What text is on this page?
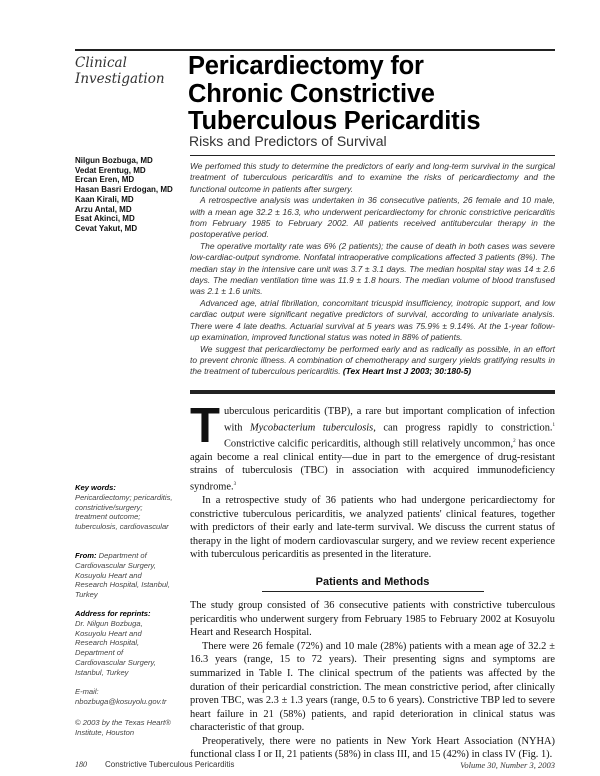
Clinical
Investigation Pericardiectomy for
Chronic Constrictive
Tuberculous Pericarditis
Risks and Predictors of Survival
Nilgun Bozbuga, MD
Vedat Erentug, MD
Ercan Eren, MD
Hasan Basri Erdogan, MD
Kaan Kirali, MD
Arzu Antal, MD
Esat Akinci, MD
Cevat Yakut, MD

We perfomed this study to determine the predictors of early and long-term survival in the surgical treatment of tuberculous pericarditis and to examine the risks of pericardiectomy and the functional outcome in patients after surgery.

A retrospective analysis was undertaken in 36 consecutive patients, 26 female and 10 male, with a mean age 32.2 ± 16.3, who underwent pericardiectomy for chronic constrictive pericarditis from February 1985 to February 2002. All patients received antitubercular therapy in the postoperative period.

The operative mortality rate was 6% (2 patients); the cause of death in both cases was severe low-cardiac-output syndrome. Nonfatal intraoperative complications affected 3 patients (8%). The median stay in the intensive care unit was 3.7 ± 3.1 days. The median hospital stay was 14 ± 2.6 days. The median ventilation time was 11.9 ± 1.8 hours. The median volume of blood transfused was 2.1 ± 1.6 units.

Advanced age, atrial fibrillation, concomitant tricuspid insufficiency, inotropic support, and low cardiac output were significant negative predictors of survival, according to univariate analysis. There were 4 late deaths. Actuarial survival at 5 years was 75.9% ± 9.14%. At the 1-year follow-up examination, improved functional status was noted in 88% of patients.

We suggest that pericardiectomy be performed early and as radically as possible, in an effort to prevent chronic illness. A combination of chemotherapy and surgery yields gratifying results in the treatment of tuberculous pericarditis. (Tex Heart Inst J 2003; 30:180-5)

Tuberculous pericarditis (TBP), a rare but important complication of infection with Mycobacterium tuberculosis, can progress rapidly to constriction.$^1$ Constrictive calcific pericarditis, although still relatively uncommon,$^2$ has once again become a real clinical entity—due in part to the emergence of drug-resistant strains of tuberculosis (TBC) in association with acquired immunodeficiency syndrome.$^3$

In a retrospective study of 36 patients who had undergone pericardiectomy for constrictive tuberculous pericarditis, we analyzed patients' clinical features, together with predictors of their early and late-term survival. We discuss the current status of therapy in the light of modern cardiovascular surgery, and we review recent experience with tuberculous pericarditis as presented in the literature.

Patients and Methods

The study group consisted of 36 consecutive patients with constrictive tuberculous pericarditis who underwent surgery from February 1985 to February 2002 at Kosuyolu Heart and Research Hospital.

There were 26 female (72%) and 10 male (28%) patients with a mean age of 32.2 ± 16.3 years (range, 15 to 72 years). Their presenting signs and symptoms are summarized in Table I. The clinical spectrum of the patients was affected by the duration of their pericardial constriction. The mean constrictive period, after clinically proven TBC, was 2.3 ± 1.3 years (range, 0.5 to 6 years). Constrictive TBP led to severe heart failure in 21 (58%) patients, and rapid deterioration in clinical status was characteristic of that group.

Preoperatively, there were no patients in New York Heart Association (NYHA) functional class I or II, 21 patients (58%) in class III, and 15 (42%) in class IV (Fig. 1).

Key words:
Pericardiectomy; pericarditis, constrictive/surgery; treatment outcome; tuberculosis, cardiovascular
From: Department of Cardiovascular Surgery, Kosuyolu Heart and Research Hospital, Istanbul, Turkey
Address for reprints:
Dr. Nilgun Bozbuga, Kosuyolu Heart and Research Hospital, Department of Cardiovascular Surgery, Istanbul, Turkey
E-mail:
nbozbuga@kosuyolu.gov.tr
© 2003 by the Texas Heart® Institute, Houston
180 Constrictive Tuberculous Pericarditis	Volume 30, Number 3, 2003
